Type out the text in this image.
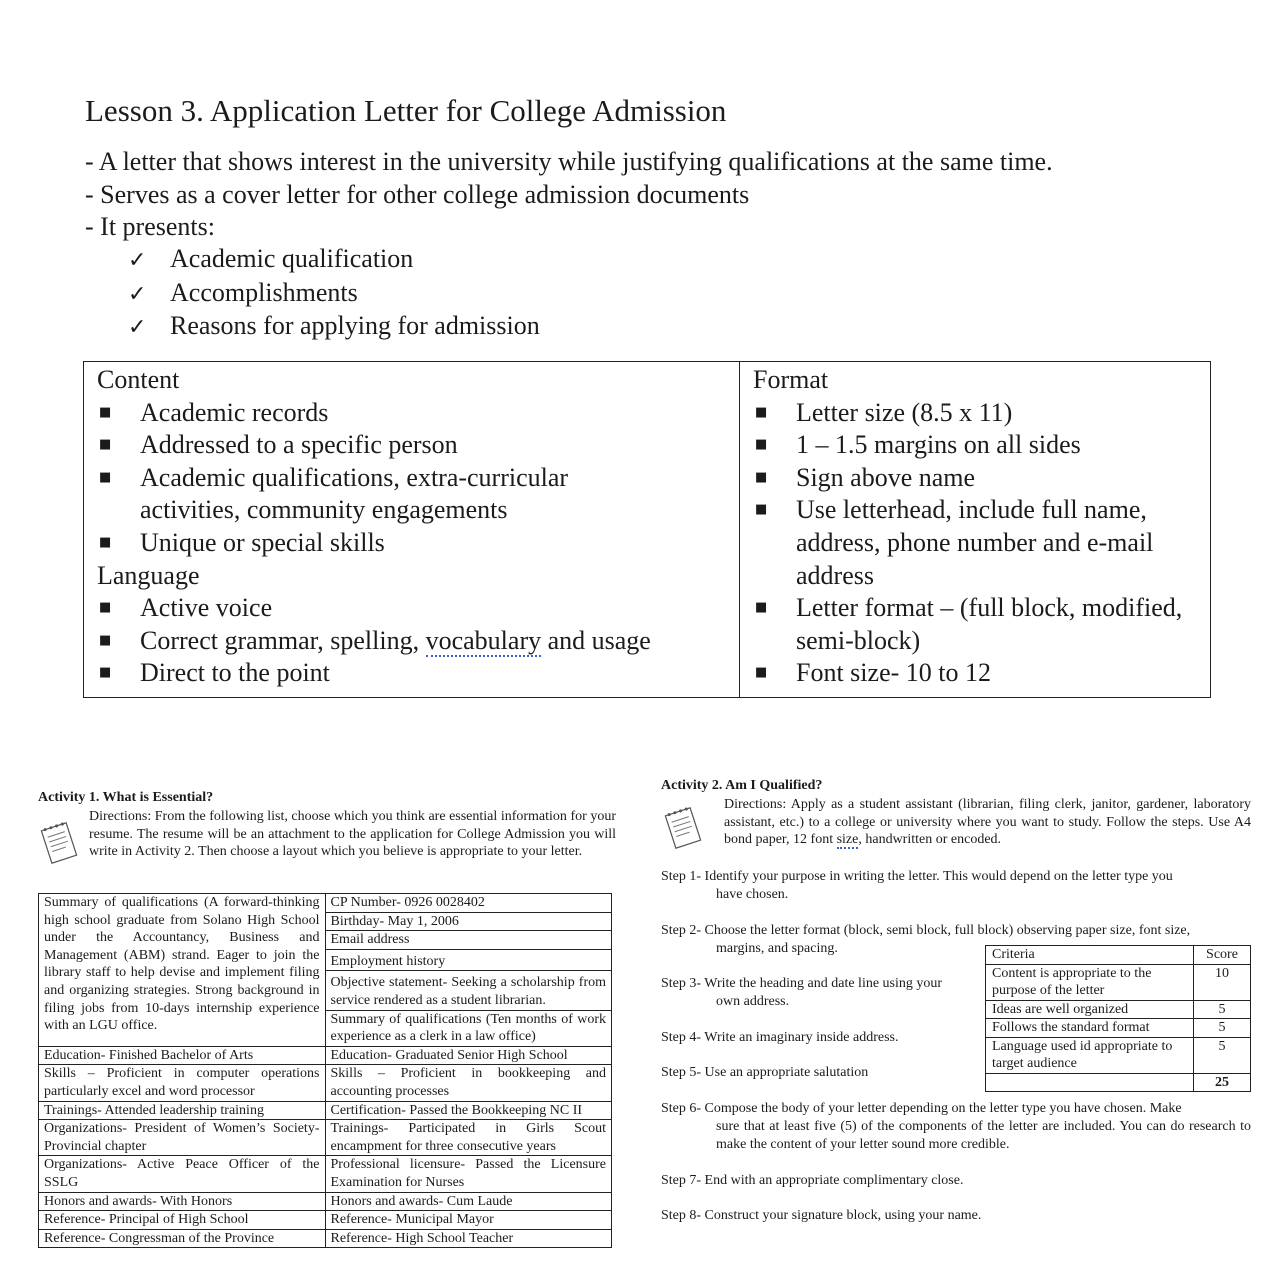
Lesson 3. Application Letter for College Admission
- A letter that shows interest in the university while justifying qualifications at the same time.
- Serves as a cover letter for other college admission documents
- It presents:
✓ Academic qualification
✓ Accomplishments
✓ Reasons for applying for admission
Content
■ Academic records
■ Addressed to a specific person
■ Academic qualifications, extra-curricular activities, community engagements
■ Unique or special skills
Language
■ Active voice
■ Correct grammar, spelling, vocabulary and usage
■ Direct to the point
Format
■ Letter size (8.5 x 11)
■ 1 – 1.5 margins on all sides
■ Sign above name
■ Use letterhead, include full name, address, phone number and e-mail address
■ Letter format – (full block, modified, semi-block)
■ Font size- 10 to 12
Activity 1. What is Essential?
Directions: From the following list, choose which you think are essential information for your resume. The resume will be an attachment to the application for College Admission you will write in Activity 2. Then choose a layout which you believe is appropriate to your letter.
Summary of qualifications (A forward-thinking high school graduate from Solano High School under the Accountancy, Business and Management (ABM) strand. Eager to join the library staff to help devise and implement filing and organizing strategies. Strong background in filing jobs from 10-days internship experience with an LGU office.	CP Number- 0926 0028402
	Birthday- May 1, 2006
	Email address
	Employment history
	Objective statement- Seeking a scholarship from service rendered as a student librarian.
	Summary of qualifications (Ten months of work experience as a clerk in a law office)
Education- Finished Bachelor of Arts	Education- Graduated Senior High School
Skills – Proficient in computer operations particularly excel and word processor	Skills – Proficient in bookkeeping and accounting processes
Trainings- Attended leadership training	Certification- Passed the Bookkeeping NC II
Organizations- President of Women’s Society- Provincial chapter	Trainings- Participated in Girls Scout encampment for three consecutive years
Organizations- Active Peace Officer of the SSLG	Professional licensure- Passed the Licensure Examination for Nurses
Honors and awards- With Honors	Honors and awards- Cum Laude
Reference- Principal of High School	Reference- Municipal Mayor
Reference- Congressman of the Province	Reference- High School Teacher
Activity 2. Am I Qualified?
Directions: Apply as a student assistant (librarian, filing clerk, janitor, gardener, laboratory assistant, etc.) to a college or university where you want to study. Follow the steps. Use A4 bond paper, 12 font size, handwritten or encoded.
Step 1- Identify your purpose in writing the letter. This would depend on the letter type you
have chosen.
Step 2- Choose the letter format (block, semi block, full block) observing paper size, font size,
margins, and spacing.
Step 3- Write the heading and date line using your
own address.
Step 4- Write an imaginary inside address.
Step 5- Use an appropriate salutation
Step 6- Compose the body of your letter depending on the letter type you have chosen. Make
sure that at least five (5) of the components of the letter are included. You can do research to make the content of your letter sound more credible.
Step 7- End with an appropriate complimentary close.
Step 8- Construct your signature block, using your name.
Criteria	Score
Content is appropriate to the purpose of the letter	10
Ideas are well organized	5
Follows the standard format	5
Language used id appropriate to target audience	5
	25
